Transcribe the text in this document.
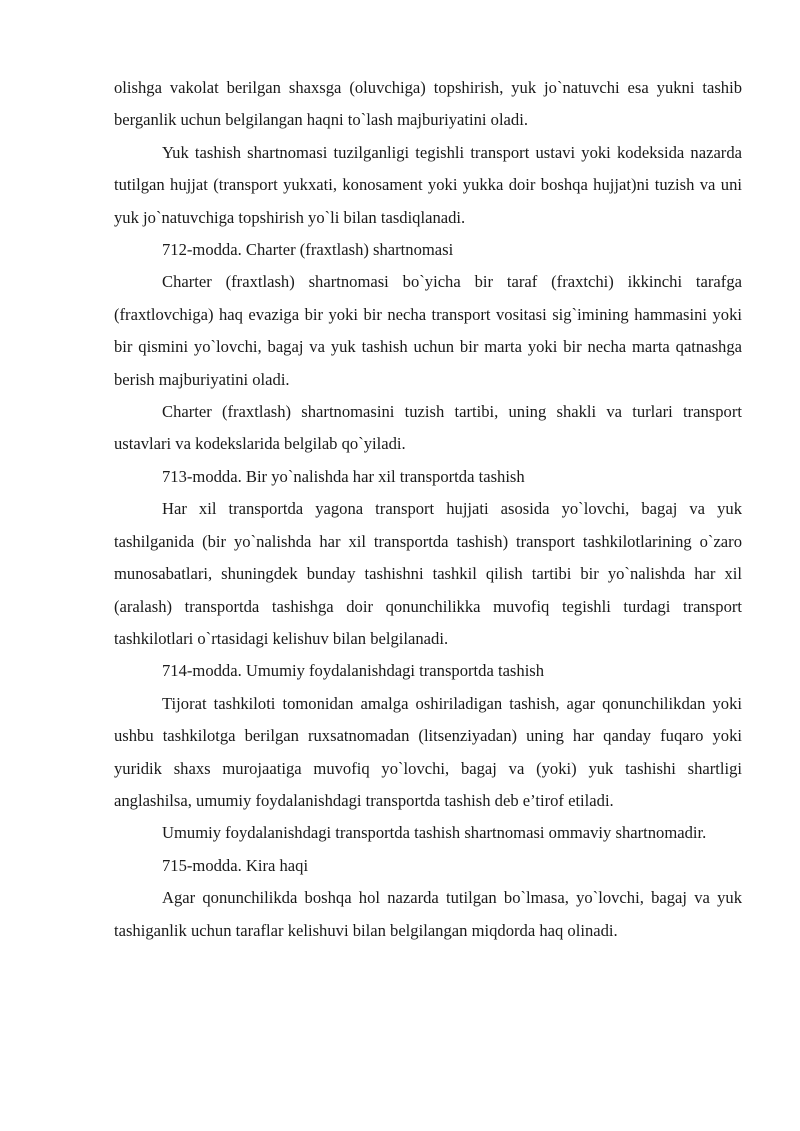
olishga vakolat berilgan shaxsga (oluvchiga) topshirish, yuk jo`natuvchi esa yukni tashib berganlik uchun belgilangan haqni to`lash majburiyatini oladi.

Yuk tashish shartnomasi tuzilganligi tegishli transport ustavi yoki kodeksida nazarda tutilgan hujjat (transport yukxati, konosament yoki yukka doir boshqa hujjat)ni tuzish va uni yuk jo`natuvchiga topshirish yo`li bilan tasdiqlanadi.

712-modda. Charter (fraxtlash) shartnomasi

Charter (fraxtlash) shartnomasi bo`yicha bir taraf (fraxtchi) ikkinchi tarafga (fraxtlovchiga) haq evaziga bir yoki bir necha transport vositasi sig`imining hammasini yoki bir qismini yo`lovchi, bagaj va yuk tashish uchun bir marta yoki bir necha marta qatnashga berish majburiyatini oladi.

Charter (fraxtlash) shartnomasini tuzish tartibi, uning shakli va turlari transport ustavlari va kodekslarida belgilab qo`yiladi.

713-modda. Bir yo`nalishda har xil transportda tashish

Har xil transportda yagona transport hujjati asosida yo`lovchi, bagaj va yuk tashilganida (bir yo`nalishda har xil transportda tashish) transport tashkilotlarining o`zaro munosabatlari, shuningdek bunday tashishni tashkil qilish tartibi bir yo`nalishda har xil (aralash) transportda tashishga doir qonunchilikka muvofiq tegishli turdagi transport tashkilotlari o`rtasidagi kelishuv bilan belgilanadi.

714-modda. Umumiy foydalanishdagi transportda tashish

Tijorat tashkiloti tomonidan amalga oshiriladigan tashish, agar qonunchilikdan yoki ushbu tashkilotga berilgan ruxsatnomadan (litsenziyadan) uning har qanday fuqaro yoki yuridik shaxs murojaatiga muvofiq yo`lovchi, bagaj va (yoki) yuk tashishi shartligi anglashilsa, umumiy foydalanishdagi transportda tashish deb e’tirof etiladi.

Umumiy foydalanishdagi transportda tashish shartnomasi ommaviy shartnomadir.

715-modda. Kira haqi

Agar qonunchilikda boshqa hol nazarda tutilgan bo`lmasa, yo`lovchi, bagaj va yuk tashiganlik uchun taraflar kelishuvi bilan belgilangan miqdorda haq olinadi.
